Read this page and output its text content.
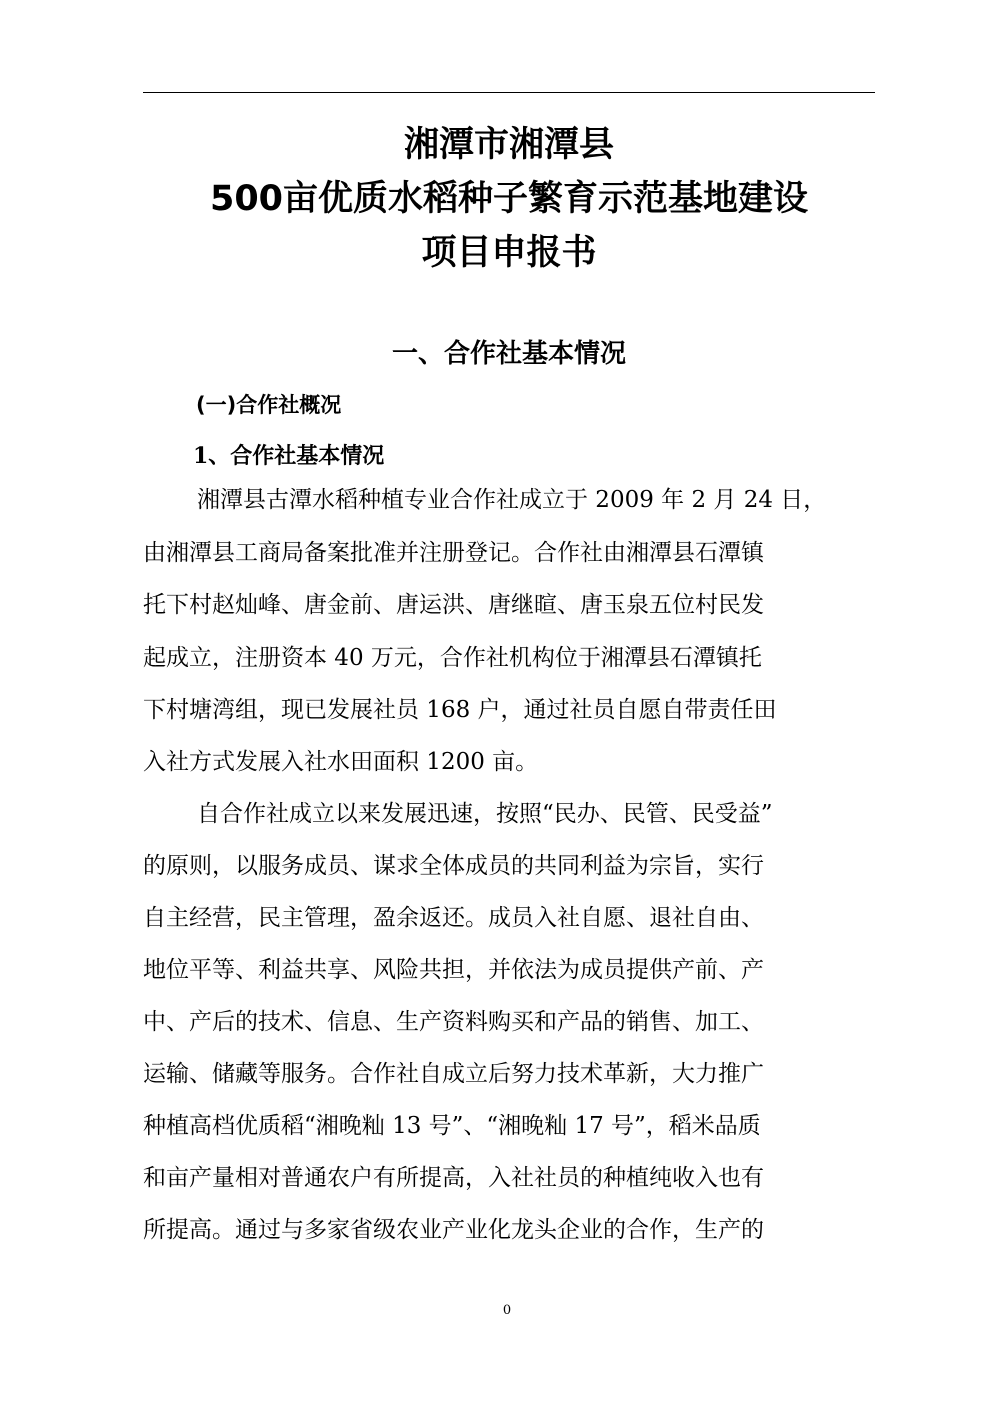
湘潭市湘潭县
500亩优质水稻种子繁育示范基地建设
项目申报书
一、合作社基本情况
(一)合作社概况
1、合作社基本情况
湘潭县古潭水稻种植专业合作社成立于 2009 年 2 月 24 日，
由湘潭县工商局备案批准并注册登记。合作社由湘潭县石潭镇
托下村赵灿峰、唐金前、唐运洪、唐继暄、唐玉泉五位村民发
起成立，注册资本 40 万元，合作社机构位于湘潭县石潭镇托
下村塘湾组，现已发展社员 168 户，通过社员自愿自带责任田
入社方式发展入社水田面积 1200 亩。
自合作社成立以来发展迅速，按照“民办、民管、民受益”
的原则，以服务成员、谋求全体成员的共同利益为宗旨，实行
自主经营，民主管理，盈余返还。成员入社自愿、退社自由、
地位平等、利益共享、风险共担，并依法为成员提供产前、产
中、产后的技术、信息、生产资料购买和产品的销售、加工、
运输、储藏等服务。合作社自成立后努力技术革新，大力推广
种植高档优质稻“湘晚籼 13 号”、“湘晚籼 17 号”，稻米品质
和亩产量相对普通农户有所提高，入社社员的种植纯收入也有
所提高。通过与多家省级农业产业化龙头企业的合作，生产的
0
